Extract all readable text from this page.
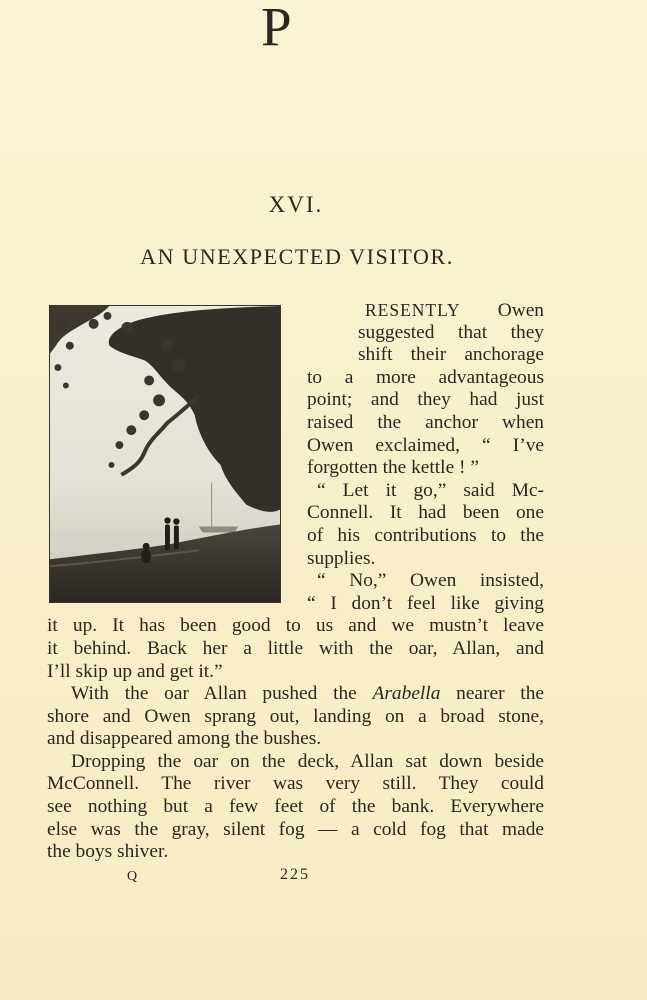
XVI.
AN UNEXPECTED VISITOR.
P
RESENTLY Owen
suggested that they
shift their anchorage
to a more advantageous
point; and they had just
raised the anchor when
Owen exclaimed, “ I’ve
forgotten the kettle ! ”
“ Let it go,” said Mc-
Connell. It had been one
of his contributions to the
supplies.
“ No,” Owen insisted,
“ I don’t feel like giving
it up. It has been good to us and we mustn’t leave
it behind. Back her a little with the oar, Allan, and
I’ll skip up and get it.”
With the oar Allan pushed the Arabella nearer the
shore and Owen sprang out, landing on a broad stone,
and disappeared among the bushes.
Dropping the oar on the deck, Allan sat down beside
McConnell. The river was very still. They could
see nothing but a few feet of the bank. Everywhere
else was the gray, silent fog — a cold fog that made
the boys shiver.
Q	225
